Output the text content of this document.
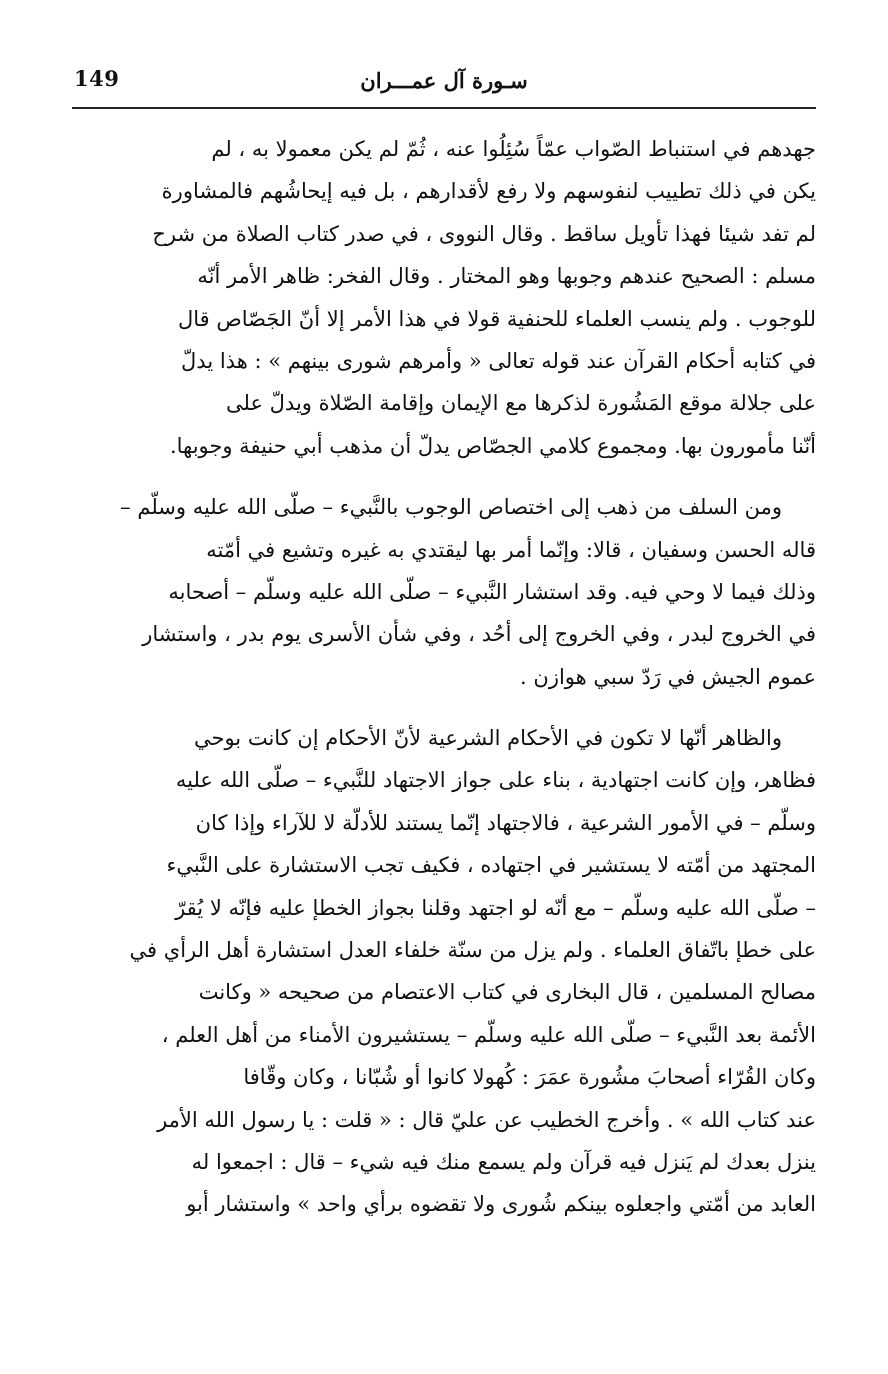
149	سـورة آل عمـــران
جهدهم في استنباط الصّواب عمّاً سُئِلُوا عنه ، ثُمّ لم يكن معمولا به ، لم
يكن في ذلك تطييب لنفوسهم ولا رفع لأقدارهم ، بل فيه إيحاشُهم فالمشاورة
لم تفد شيئا فهذا تأويل ساقط . وقال النووى ، في صدر كتاب الصلاة من شرح
مسلم : الصحيح عندهم وجوبها وهو المختار . وقال الفخر: ظاهر الأمر أنّه
للوجوب . ولم ينسب العلماء للحنفية قولا في هذا الأمر إلا أنّ الجَصّاص قال
في كتابه أحكام القرآن عند قوله تعالى « وأمرهم شورى بينهم » : هذا يدلّ
على جلالة موقع المَشُورة لذكرها مع الإيمان وإقامة الصّلاة ويدلّ على
أنّنا مأمورون بها. ومجموع كلامي الجصّاص يدلّ أن مذهب أبي حنيفة وجوبها.
ومن السلف من ذهب إلى اختصاص الوجوب بالنَّبيء – صلّى الله عليه وسلّم –
قاله الحسن وسفيان ، قالا: وإنّما أمر بها ليقتدي به غيره وتشيع في أمّته
وذلك فيما لا وحي فيه. وقد استشار النَّبيء – صلّى الله عليه وسلّم – أصحابه
في الخروج لبدر ، وفي الخروج إلى أحُد ، وفي شأن الأسرى يوم بدر ، واستشار
عموم الجيش في رَدّ سبي هوازن .
والظاهر أنّها لا تكون في الأحكام الشرعية لأنّ الأحكام إن كانت بوحي
فظاهر، وإن كانت اجتهادية ، بناء على جواز الاجتهاد للنَّبيء – صلّى الله عليه
وسلّم – في الأمور الشرعية ، فالاجتهاد إنّما يستند للأدلّة لا للآراء وإذا كان
المجتهد من أمّته لا يستشير في اجتهاده ، فكيف تجب الاستشارة على النَّبيء
– صلّى الله عليه وسلّم – مع أنّه لو اجتهد وقلنا بجواز الخطإ عليه فإنّه لا يُقرّ
على خطإ باتّفاق العلماء . ولم يزل من سنّة خلفاء العدل استشارة أهل الرأي في
مصالح المسلمين ، قال البخارى في كتاب الاعتصام من صحيحه « وكانت
الأئمة بعد النَّبيء – صلّى الله عليه وسلّم – يستشيرون الأمناء من أهل العلم ،
وكان القُرّاء أصحابَ مشُورة عمَرَ : كُهولا كانوا أو شُبّانا ، وكان وقّافا
عند كتاب الله » . وأخرج الخطيب عن عليّ قال : « قلت : يا رسول الله الأمر
ينزل بعدك لم يَنزل فيه قرآن ولم يسمع منك فيه شيء – قال : اجمعوا له
العابد من أمّتي واجعلوه بينكم شُورى ولا تقضوه برأي واحد » واستشار أبو
